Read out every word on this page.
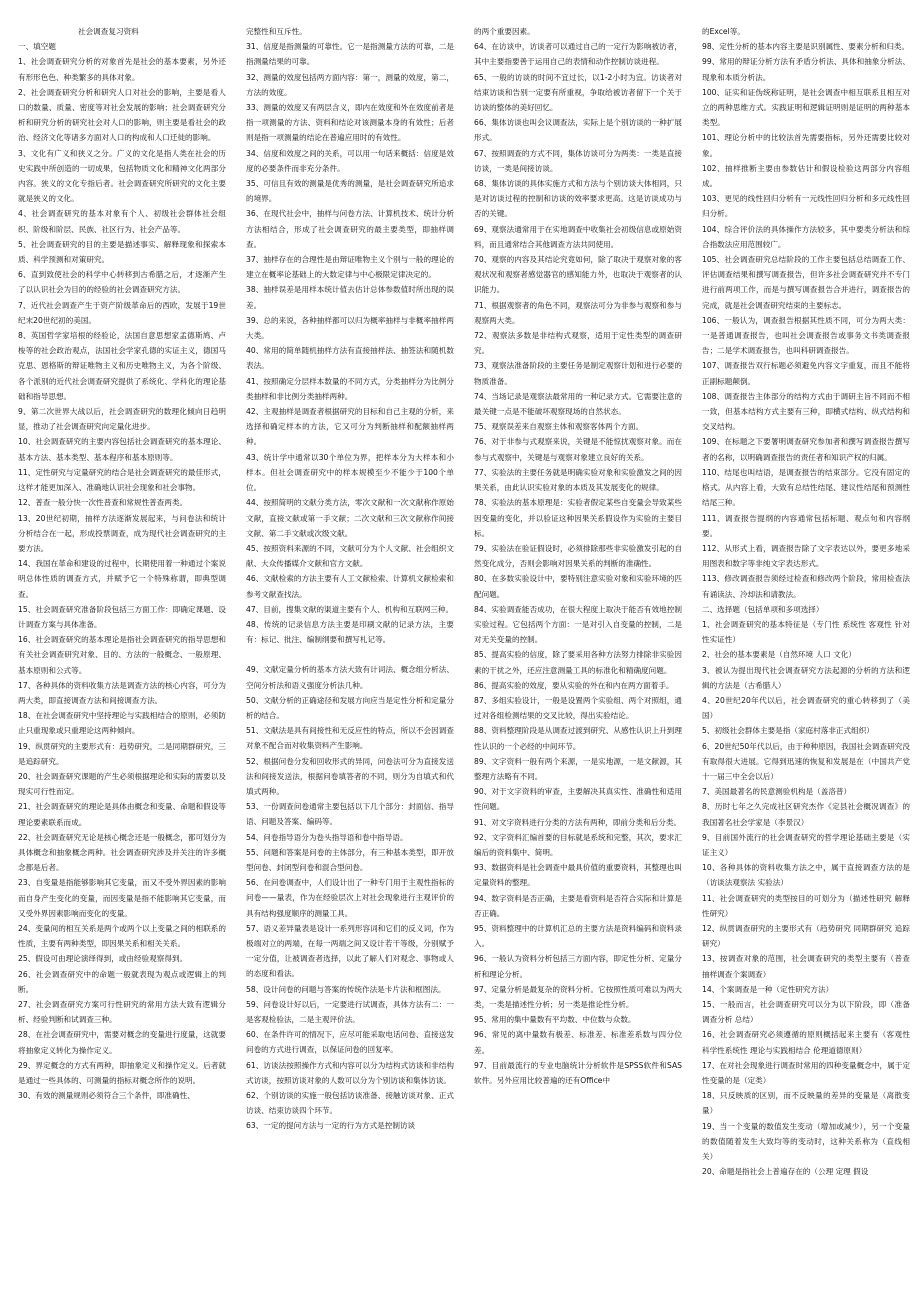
社会调查复习资料

一、填空题

1、社会调查研究分析的对象首先是社会的基本要素，另外还有形形色色、种类繁多的具体对象。

2、社会调查研究分析和研究人口对社会的影响，主要是看人口的数量、质量、密度等对社会发展的影响；社会调查研究分析和研究分析的研究社会对人口的影响，则主要是看社会的政治、经济文化等诸多方面对人口的构成和人口迁徙的影响。

3、文化有广义和狭义之分。广义的文化是指人类在社会的历史实践中所创造的一切成果，包括物质文化和精神文化两部分内容。狭义的文化专指后者。社会调查研究所研究的文化主要就是狭义的文化。

4、社会调查研究的基本对象有个人、初级社会群体社会组织、阶级和阶层、民族、社区行为、社会产品等。

5、社会调查研究的目的主要是描述事实、解释现象和探索本质、科学预测和对策研究。

6、直到致使社会的科学中心转移到古希腊之后，才逐渐产生了以认识社会为目的的经验的社会调查研究方法。

7、近代社会调查产生于资产阶级革命后的西欧，发展于19世纪末20世纪初的美国。

8、英国哲学家培根的经验论，法国自意思想家孟德斯鸠、卢梭等的社会政治观点，法国社会学家孔德的实证主义，德国马克思、恩格斯的辩证唯物主义和历史唯物主义，为各个阶级、各个派别的近代社会调查研究提供了系统化、学科化的理论基础和指导思想。

9、第二次世界大战以后，社会调查研究的数理化倾向日趋明显，推动了社会调查研究向定量化进步。

10、社会调查研究的主要内容包括社会调查研究的基本理论、基本方法、基本类型、基本程序和基本原则等。

11、定性研究与定量研究的结合是社会调查研究的最佳形式，这样才能更加深入、准确地认识社会现象和社会事物。

12、普查一般分快一次性普查和常规性普查两类。

13、20世纪初期，抽样方法逐渐发展起来，与问卷法和统计分析结合在一起，形成投票调查，成为现代社会调查研究的主要方法。

14、我国在革命和建设的过程中，长期使用着一种通过个案说明总体性质的调查方式，并赋予它一个特殊称谓，即典型调查。

15、社会调查研究准备阶段包括三方面工作：即确定课题、设计调查方案与具体准备。

16、社会调查研究的基本理论是指社会调查研究的指导思想和有关社会调查研究对象、目的、方法的一般概念、一般原理、基本原则和公式等。

17、各种具体的资料收集方法是调查方法的核心内容，可分为两大类，即直接调查方法和间接调查方法。

18、在社会调查研究中坚持理论与实践相结合的原则，必须防止只重现象或只重理论这两种倾向。

19、纵贯研究的主要形式有：趋势研究，二是同期群研究，三是追踪研究。

20、社会调查研究课题的产生必须根据理论和实际的需要以及现实可行性而定。

21、社会调查研究的理论是具体由概念和变量、命题和假设等理论要素联系而成。

22、社会调查研究无论是核心概念还是一般概念，都可划分为具体概念和抽象概念两种。社会调查研究涉及并关注的许多概念都是后者。

23、自变量是指能够影响其它变量，而又不受外界因素的影响而自身产生变化的变量，而因变量是指不能影响其它变量，而又受外界因素影响而变化的变量。

24、变量间的相互关系是两个或两个以上变量之间的相联系的性质，主要有两种类型，即因果关系和相关关系。

25、假设可由理论演绎得到，或由经验观察得到。

26、社会调查研究中的命题一般就表现为观点或逻辑上的判断。

27、社会调查研究方案可行性研究的常用方法大致有逻辑分析、经验判断和试调查三种。

28、在社会调查研究中，需要对概念的变量进行度量，这就要将抽象定义转化为操作定义。

29、界定概念的方式有两种，即抽象定义和操作定义。后者就是通过一些具体的、可测量的指标对概念所作的说明。

30、有效的测量规则必须符合三个条件，即准确性、

完整性和互斥性。

31、信度是指测量的可靠性。它一是指测量方法的可靠，二是指测量结果的可靠。

32、测量的效度包括两方面内容：第一，测量的效度，第二，方法的效度。

33、测量的效度又有两层含义，即内在效度和外在效度前者是指一项测量的方法、资料和结论对该测量本身的有效性；后者则是指一项测量的结论在普遍应用时的有效性。

34、信度和效度之间的关系，可以用一句话来概括：信度是效度的必要条件而非充分条件。

35、可信且有效的测量是优秀的测量，是社会调查研究所追求的境界。

36、在现代社会中，抽样与问卷方法、计算机技术、统计分析方法相结合，形成了社会调查研究的最主要类型，即抽样调查。

37、抽样存在的合理性是由辩证唯物主义个别与一般的理论的建立在概率论基础上的大数定律与中心极限定律决定的。

38、抽样误差是用样本统计值去估计总体参数值时所出现的误差。

39、总的来说，各种抽样都可以归为概率抽样与非概率抽样两大类。

40、常用的简单随机抽样方法有直接抽样法、抽签法和随机数表法。

41、按照确定分层样本数量的不同方式，分类抽样分为比例分类抽样和非比例分类抽样两种。

42、主观抽样是调查者根据研究的目标和自己主观的分析，来选择和确定样本的方法，它又可分为判断抽样和配额抽样两种。

43、统计学中通常以30个单位为界，把样本分为大样本和小样本。但社会调查研究中的样本规模至少不能少于100个单位。

44、按照简明的文献分类方法，零次文献和一次文献称作原始文献，直接文献或第一手文献；二次文献和三次文献称作间接文献、第二手文献或次级文献。

45、按照资料来源的不同，文献可分为个人文献、社会组织文献、大众传播媒介文献和官方文献。

46、文献检索的方法主要有人工文献检索、计算机文献检索和参考文献查找法。

47、目前，搜集文献的渠道主要有个人、机构和互联网三种。

48、传统的记录信息方法主要是印刷文献的记录方法，主要有：标记、批注、编制纲要和撰写札记等。

49、文献定量分析的基本方法大致有计词法、概念组分析法、空间分析法和语义强度分析法几种。

50、文献分析的正确途径和发展方向应当是定性分析和定量分析的结合。

51、文献法是具有间接性和无反应性的特点，所以不会因调查对象不配合而对收集资料产生影响。

52、根据问卷分发和回收形式的异同，问卷法可分为直接发送法和间接发送法，根据问卷填答者的不同，则分为自填式和代填式两种。

53、一份调查问卷通常主要包括以下几个部分：封面信、指导语、问题及答案、编码等。

54、问卷指导语分为卷头指导语和卷中指导语。

55、问题和答案是问卷的主体部分，有三种基本类型，即开放型问卷、封闭型问卷和混合型问卷。

56、在问卷调查中，人们设计出了一种专门用于主观性指标的问卷——量表，作为在经验层次上对社会现象进行主观评价的具有结构强度顺序的测量工具。

57、语义差异量表是设计一系列形容词和它们的反义词，作为极端对立的两端，在每一两端之间又设计若干等级，分别赋予一定分值，让被调查者选择，以此了解人们对观念、事物或人的态度和看法。

58、设计问卷的问题与答案的传统作法是卡片法和框图法。

59、问卷设计好以后，一定要进行试调查，具体方法有二：一是客观检验法，二是主观评价法。

60、在条件许可的情况下，应尽可能采取电话问卷、直接送发问卷的方式进行调查，以保证问卷的回复率。

61、访谈法按照操作方式和内容可以分为结构式访谈和非结构式访谈，按照访谈对象的人数可以分为个别访谈和集体访谈。

62、个别访谈的实施一般包括访谈准备、接触访谈对象、正式访谈、结束访谈四个环节。

63、一定的提问方法与一定的行为方式是控制访谈

的两个重要因素。

64、在访谈中，访谈者可以通过自己的一定行为影响被访者，其中主要指要善于运用自己的表情和动作控制访谈进程。

65、一般的访谈的时间不宜过长，以1-2小时为宜。访谈者对结束访谈和告别一定要有所重视，争取给被访者留下一个关于访谈的整体的美好回忆。

66、集体访谈也叫会议调查法，实际上是个别访谈的一种扩展形式。

67、按照调查的方式不同，集体访谈可分为两类：一类是直接访谈，一类是间接访谈。

68、集体访谈的具体实施方式和方法与个别访谈大体相同，只是对访谈过程的控制和访谈的效率要求更高。这是访谈成功与否的关键。

69、观察法通常用于在实地调查中收集社会初级信息或原始资料，而且通常结合其他调查方法共同使用。

70、观察的内容及其结论究竟如何，除了取决于观察对象的客观状况和观察者感觉器官的感知能力外，也取决于观察者的认识能力。

71、根据观察者的角色不同，观察法可分为非参与观察和参与观察两大类。

72、观察法多数是非结构式观察，适用于定性类型的调查研究。

73、观察法准备阶段的主要任务是制定观察计划和进行必要的物质准备。

74、当场记录是观察法最常用的一种记录方式。它需要注意的最关键一点是不能破坏观察现场的自然状态。

75、观察误差来自观察主体和观察客体两个方面。

76、对于非参与式观察来说，关键是不能惊扰观察对象。而在参与式观察中，关键是与观察对象建立良好的关系。

77、实验法的主要任务就是明确实验对象和实验激发之间的因果关系，由此认识实验对象的本质及其发展变化的规律。

78、实验法的基本原理是：实验者假定某些自变量会导致某些因变量的变化，并以验证这种因果关系假设作为实验的主要目标。

79、实验法在验证假设时，必须排除那些非实验激发引起的自然变化成分，否则会影响对因果关系的判断的准确性。

80、在多数实验设计中，要特别注意实验对象和实验环境的匹配问题。

84、实验调查能否成功，在很大程度上取决于能否有效地控制实验过程。它包括两个方面：一是对引入自变量的控制，二是对无关变量的控制。

85、提高实验的信度，除了要采用各种方法努力排除非实验因素的干扰之外，还应注意测量工具的标准化和精确度问题。

86、提高实验的效度，要从实验的外在和内在两方面着手。

87、多组实验设计，一般是设置两个实验组、两个对照组，通过对各组检测结果的交叉比较，得出实验结论。

88、资料整理阶段是从调查过渡到研究、从感性认识上升到理性认识的一个必经的中间环节。

89、文字资料一般有两个来源，一是实地源，一是文献源，其整理方法略有不同。

90、对于文字资料的审查，主要解决其真实性、准确性和适用性问题。

91、对文字资料进行分类的方法有两种，即前分类和后分类。

92、文字资料汇编首要的目标就是系统和完整，其次，要求汇编后的资料集中、简明。

93、数据资料是社会调查中最具价值的重要资料，其整理也叫定量资料的整理。

94、数字资料是否正确，主要是看资料是否符合实际和计算是否正确。

95、资料整理中的计算机汇总的主要方法是资料编码和资料录入。

96、一般认为资料分析包括三方面内容，即定性分析、定量分析和理论分析。

97、定量分析是最复杂的资料分析。它按照性质可难以为两大类，一类是描述性分析；另一类是推论性分析。

95、常用的集中量数有平均数、中位数与众数。

96、常见的离中量数有极差、标准差、标准差系数与四分位差。

97、目前最流行的专业电脑统计分析软件是SPSS软件和SAS软件。另外应用比较普遍的还有Office中

的Excel等。

98、定性分析的基本内容主要是识别属性、要素分析和归类。

99、常用的辩证分析方法有矛盾分析法、具体和抽象分析法、现象和本质分析法。

100、证实和证伪统称证明，是社会调查中相互联系且相互对立的两种思维方式。实践证明和逻辑证明则是证明的两种基本类型。

101、理论分析中的比较法首先需要指标，另外还需要比较对象。

102、抽样推断主要由参数估计和假设检验这两部分内容组成。

103、更见的线性回归分析有一元线性回归分析和多元线性回归分析。

104、综合评价法的具体操作方法较多，其中要类分析法和综合指数法应用范围较广。

105、社会调查研究总结阶段的工作主要包括总结调查工作、评估调查结果和撰写调查报告，但许多社会调查研究并不专门进行前两项工作，而是与撰写调查报告合并进行，调查报告的完成，就是社会调查研究结束的主要标志。

106、一般认为，调查报告根据其性质不同，可分为两大类：一是普通调查报告，也叫社会调查报告或事务文书类调查报告；二是学术调查报告，也叫科研调查报告。

107、调查报告双行标题必须避免内容文字重复，而且不能将正副标题颠倒。

108、调查报告主体部分的结构方式由于调研主旨不同而不相一致，但基本结构方式主要有三种，即横式结构、纵式结构和交叉结构。

109、在标题之下要署明调查研究参加者和撰写调查报告撰写者的名称，以明确调查报告的责任者和知识产权的归属。

110、结尾也叫结语，是调查报告的结束部分。它没有固定的格式。从内容上看，大致有总结性结尾、建议性结尾和预测性结尾三种。

111、调查报告提纲的内容通常包括标题、观点句和内容纲要。

112、从形式上看，调查报告除了文字表达以外，要更多地采用图表和数字等非纯文字表达形式。

113、修改调查报告须经过检查和修改两个阶段，常用检查法有诵读法、冷却法和请教法。

二、选择题（包括单项和多项选择）

1、社会调查研究的基本特征是（专门性 系统性 客观性 针对性实证性）

2、社会的基本要素是（自然环境 人口 文化）

3、被认为提出现代社会调查研究方法起源的分析的方法和逻辑的方法是（古希腊人）

4、20世纪20年代以后，社会调查研究的重心转移到了（美国）

5、初级社会群体主要是指（家庭村落非正式组织）

6、20世纪50年代以后，由于种种原因，我国社会调查研究没有取得很大进展。它得到迅速的恢复和发展是在（中国共产党十一届三中全会以后）

7、美国最著名的民意测验机构是（盖洛普）

8、历时七年之久完成社区研究杰作《定县社会概况调查》的我国著名社会学家是（李景汉）

9、目前国外流行的社会调查研究的哲学理论基础主要是（实证主义）

10、各种具体的资料收集方法之中，属于直接调查方法的是（访谈法观察法 实验法）

11、社会调查研究的类型按目的可划分为（描述性研究 解释性研究）

12、纵贯调查研究的主要形式有（趋势研究 同期群研究 追踪研究）

13、按调查对象的范围，社会调查研究的类型主要有（普查 抽样调查个案调查）

14、个案调查是一种（定性研究方法）

15、一般而言，社会调查研究可以分为以下阶段，即（准备 调查分析 总结）

16、社会调查研究必须遵循的原则概括起来主要有（客观性 科学性系统性 理论与实践相结合 伦理道德原则）

17、在对社会现象进行调查时常用的四种变量概念中，属于定性变量的是（定类）

18、只反映质的区别，而不反映量的差异的变量是（离散变量）

19、当一个变量的数值发生变动（增加或减少），另一个变量的数值随着发生大致均等的变动时，这种关系称为（直线相关）

20、命题是指社会上普遍存在的（公理 定理 假设
